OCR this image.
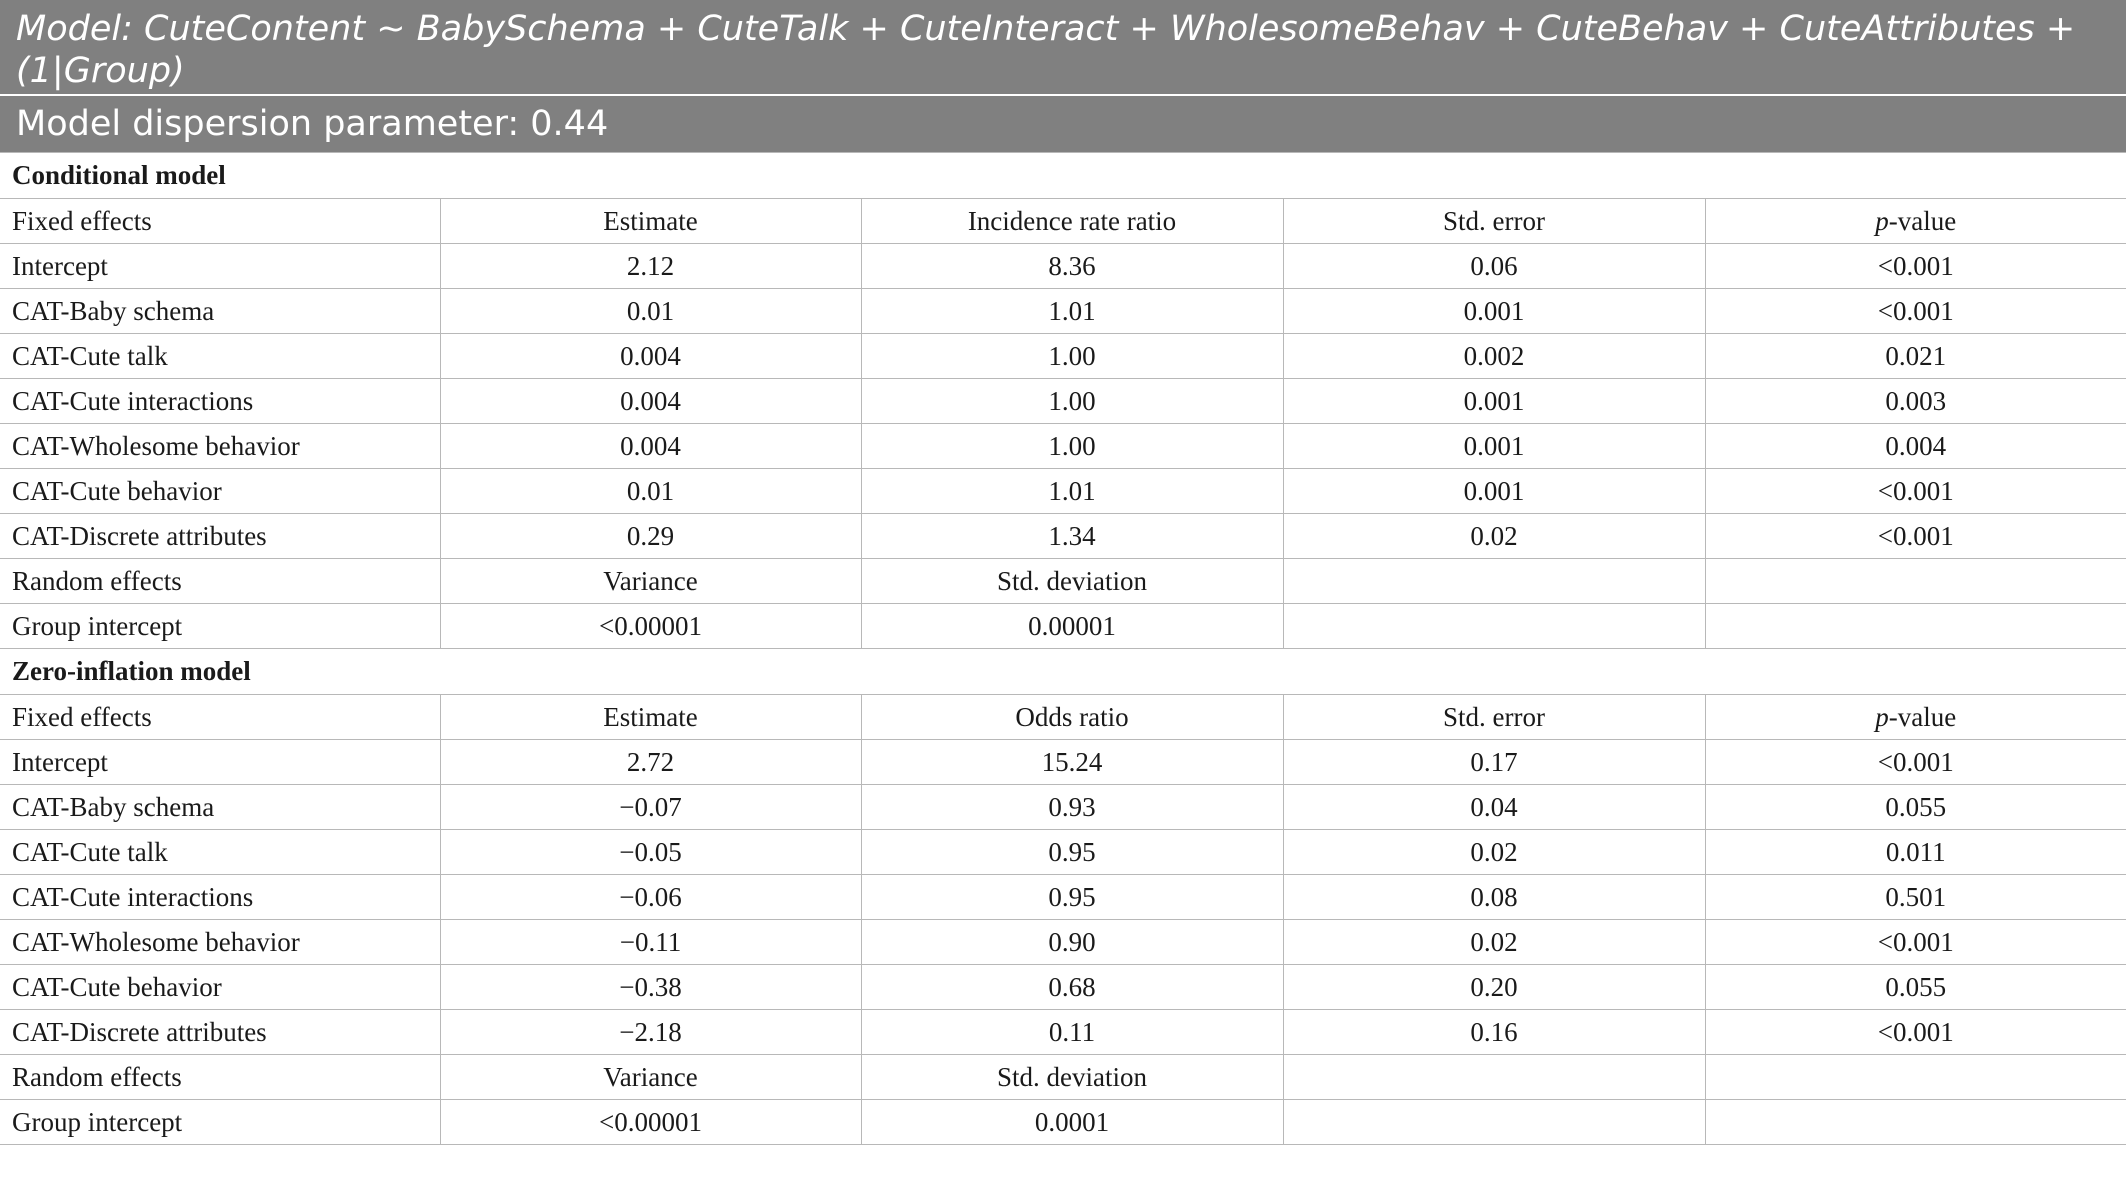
Model: CuteContent ~ BabySchema + CuteTalk + CuteInteract + WholesomeBehav + CuteBehav + CuteAttributes + (1|Group)
Model dispersion parameter: 0.44
Conditional model				
Fixed effects	Estimate	Incidence rate ratio	Std. error	p-value
Intercept	2.12	8.36	0.06	<0.001
CAT-Baby schema	0.01	1.01	0.001	<0.001
CAT-Cute talk	0.004	1.00	0.002	0.021
CAT-Cute interactions	0.004	1.00	0.001	0.003
CAT-Wholesome behavior	0.004	1.00	0.001	0.004
CAT-Cute behavior	0.01	1.01	0.001	<0.001
CAT-Discrete attributes	0.29	1.34	0.02	<0.001
Random effects	Variance	Std. deviation		
Group intercept	<0.00001	0.00001		
Zero-inflation model				
Fixed effects	Estimate	Odds ratio	Std. error	p-value
Intercept	2.72	15.24	0.17	<0.001
CAT-Baby schema	−0.07	0.93	0.04	0.055
CAT-Cute talk	−0.05	0.95	0.02	0.011
CAT-Cute interactions	−0.06	0.95	0.08	0.501
CAT-Wholesome behavior	−0.11	0.90	0.02	<0.001
CAT-Cute behavior	−0.38	0.68	0.20	0.055
CAT-Discrete attributes	−2.18	0.11	0.16	<0.001
Random effects	Variance	Std. deviation		
Group intercept	<0.00001	0.0001		
